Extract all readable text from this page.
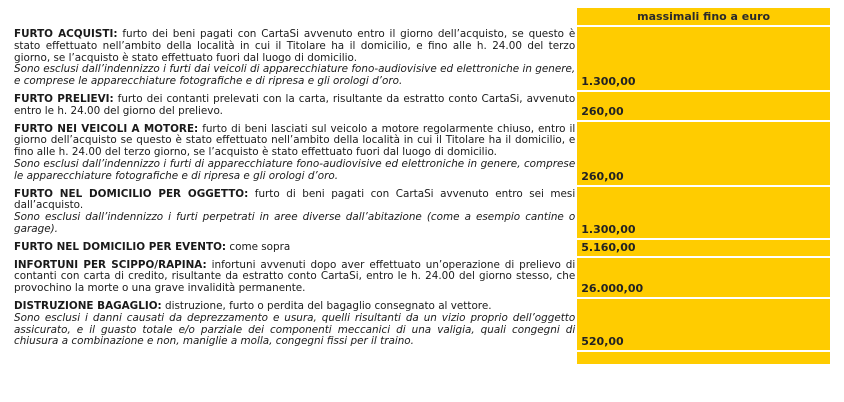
massimali fino a euro
FURTO ACQUISTI: furto dei beni pagati con CartaSi avvenuto entro il giorno dell’acquisto, se questo è stato effettuato nell’ambito della località in cui il Titolare ha il domicilio, e fino alle h. 24.00 del terzo giorno, se l’acquisto è stato effettuato fuori dal luogo di domicilio.
Sono esclusi dall’indennizzo i furti dai veicoli di apparecchiature fono-audiovisive ed elettroniche in genere, e comprese le apparecchiature fotografiche e di ripresa e gli orologi d’oro.	1.300,00
FURTO PRELIEVI: furto dei contanti prelevati con la carta, risultante da estratto conto CartaSi, avvenuto entro le h. 24.00 del giorno del prelievo.	260,00
FURTO NEI VEICOLI A MOTORE: furto di beni lasciati sul veicolo a motore regolarmente chiuso, entro il giorno dell’acquisto se questo è stato effettuato nell’ambito della località in cui il Titolare ha il domicilio, e fino alle h. 24.00 del terzo giorno, se l’acquisto è stato effettuato fuori dal luogo di domicilio.
Sono esclusi dall’indennizzo i furti di apparecchiature fono-audiovisive ed elettroniche in genere, comprese le apparecchiature fotografiche e di ripresa e gli orologi d’oro.	260,00
FURTO NEL DOMICILIO PER OGGETTO: furto di beni pagati con CartaSi avvenuto entro sei mesi dall’acquisto.
Sono esclusi dall’indennizzo i furti perpetrati in aree diverse dall’abitazione (come a esempio cantine o garage).	1.300,00
FURTO NEL DOMICILIO PER EVENTO: come sopra	5.160,00
INFORTUNI PER SCIPPO/RAPINA: infortuni avvenuti dopo aver effettuato un’operazione di prelievo di contanti con carta di credito, risultante da estratto conto CartaSi, entro le h. 24.00 del giorno stesso, che provochino la morte o una grave invalidità permanente.	26.000,00
DISTRUZIONE BAGAGLIO: distruzione, furto o perdita del bagaglio consegnato al vettore.
Sono esclusi i danni causati da deprezzamento e usura, quelli risultanti da un vizio proprio dell’oggetto assicurato, e il guasto totale e/o parziale dei componenti meccanici di una valigia, quali congegni di chiusura a combinazione e non, maniglie a molla, congegni fissi per il traino.	520,00
